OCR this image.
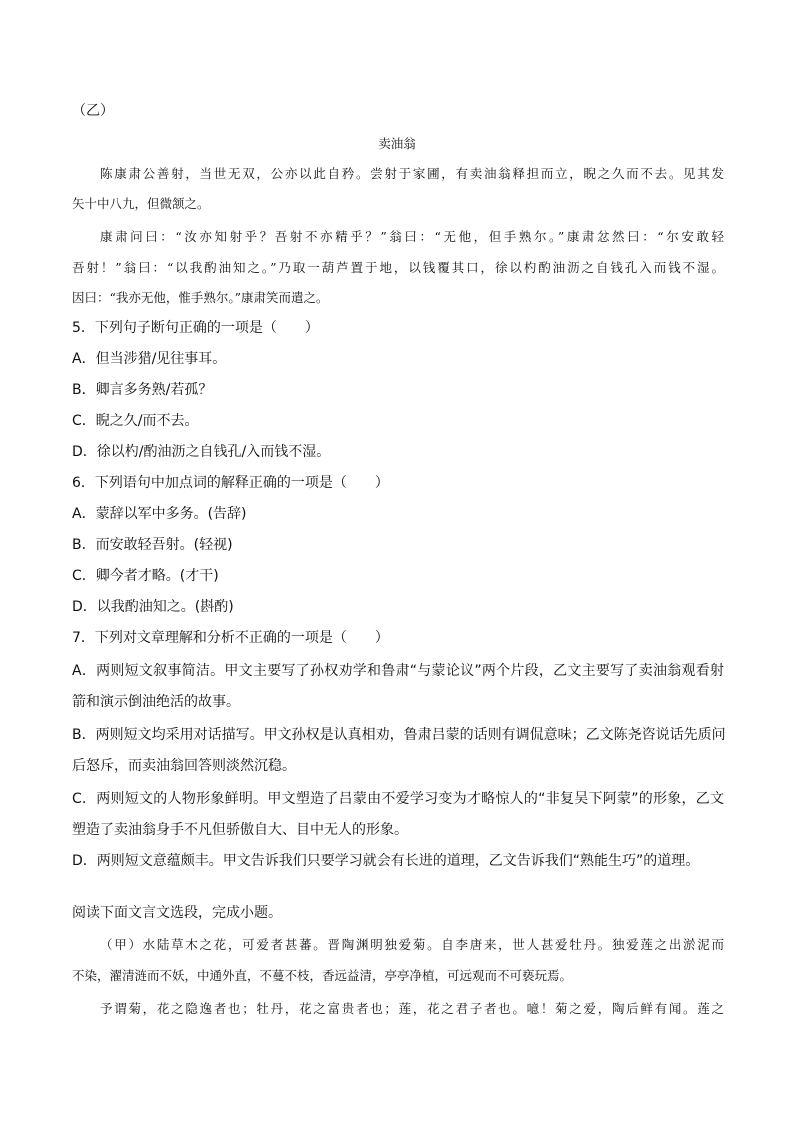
（乙）
卖油翁
陈康肃公善射，当世无双，公亦以此自矜。尝射于家圃，有卖油翁释担而立，睨之久而不去。见其发
矢十中八九，但微颔之。
康肃问曰：“汝亦知射乎？吾射不亦精乎？”翁曰：“无他，但手熟尔。”康肃忿然曰：“尔安敢轻
吾射！”翁曰：“以我酌油知之。”乃取一葫芦置于地，以钱覆其口，徐以杓酌油沥之自钱孔入而钱不湿。
因曰：“我亦无他，惟手熟尔。”康肃笑而遣之。
5．下列句子断句正确的一项是（　　）
A．但当涉猎/见往事耳。
B．卿言多务熟/若孤？
C．睨之久/而不去。
D．徐以杓/酌油沥之自钱孔/入而钱不湿。
6．下列语句中加点词的解释正确的一项是（　　）
A．蒙辞以军中多务。(告辞)
B．而安敢轻吾射。(轻视)
C．卿今者才略。(才干)
D．以我酌油知之。(斟酌)
7．下列对文章理解和分析不正确的一项是（　　）
A．两则短文叙事简洁。甲文主要写了孙权劝学和鲁肃“与蒙论议”两个片段，乙文主要写了卖油翁观看射
箭和演示倒油绝活的故事。
B．两则短文均采用对话描写。甲文孙权是认真相劝，鲁肃吕蒙的话则有调侃意味；乙文陈尧咨说话先质问
后怒斥，而卖油翁回答则淡然沉稳。
C．两则短文的人物形象鲜明。甲文塑造了吕蒙由不爱学习变为才略惊人的“非复吴下阿蒙”的形象，乙文
塑造了卖油翁身手不凡但骄傲自大、目中无人的形象。
D．两则短文意蕴颇丰。甲文告诉我们只要学习就会有长进的道理，乙文告诉我们“熟能生巧”的道理。
阅读下面文言文选段，完成小题。
（甲）水陆草木之花，可爱者甚蕃。晋陶渊明独爱菊。自李唐来，世人甚爱牡丹。独爱莲之出淤泥而
不染，濯清涟而不妖，中通外直，不蔓不枝，香远益清，亭亭净植，可远观而不可亵玩焉。
予谓菊，花之隐逸者也；牡丹，花之富贵者也；莲，花之君子者也。噫！菊之爱，陶后鲜有闻。莲之
